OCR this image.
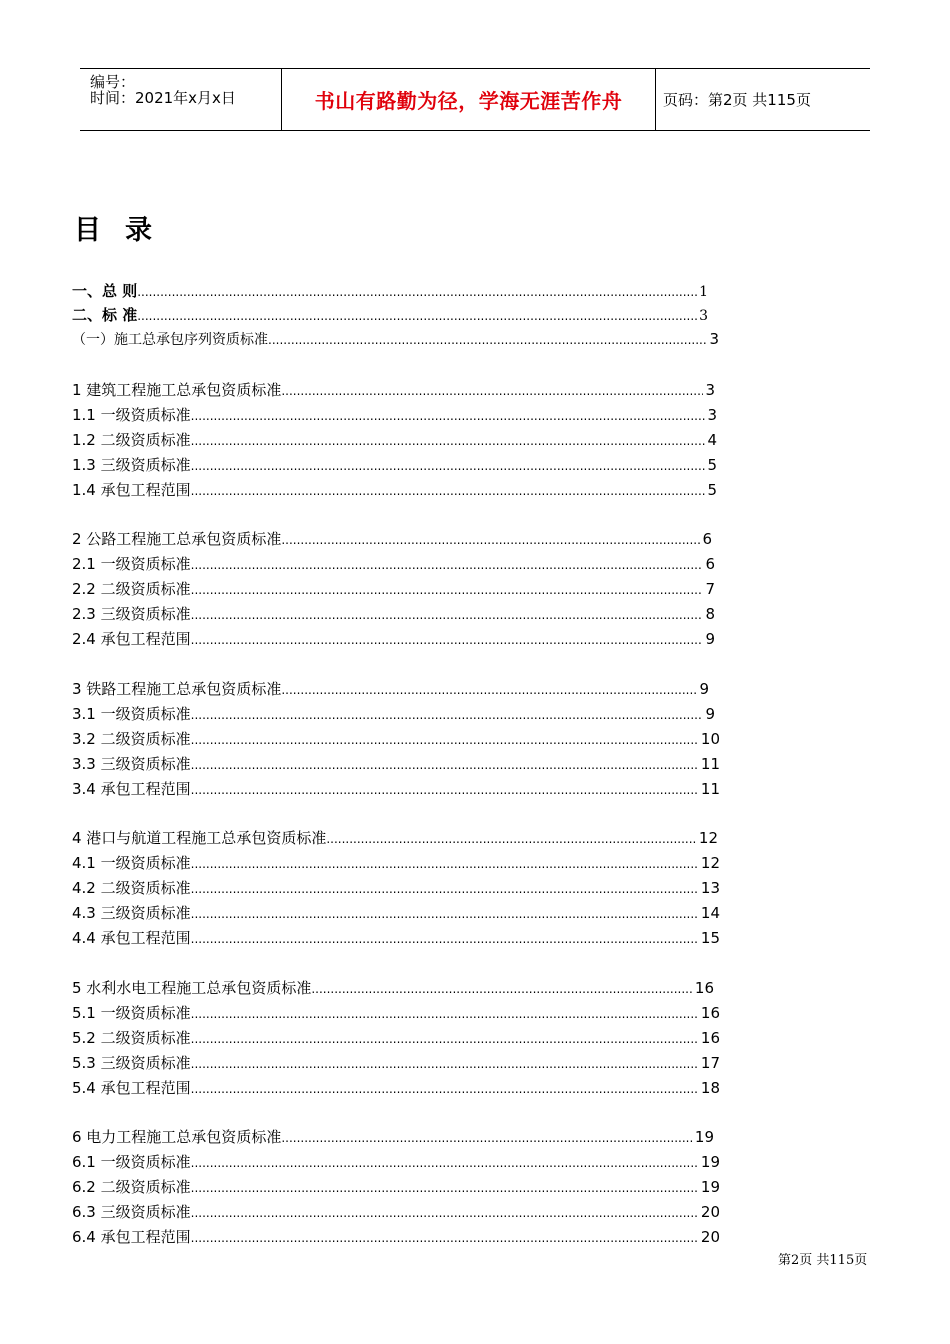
编号：
时间：2021年x月x日	书山有路勤为径，学海无涯苦作舟	页码：第2页 共115页
目 录
一、总 则 .....	1
二、标 准 .....	3
（一）施工总承包序列资质标准 .....	3
1 建筑工程施工总承包资质标准 .....	3
1.1 一级资质标准 .....	3
1.2 二级资质标准 .....	4
1.3 三级资质标准 .....	5
1.4 承包工程范围 .....	5
2 公路工程施工总承包资质标准 .....	6
2.1 一级资质标准 .....	6
2.2 二级资质标准 .....	7
2.3 三级资质标准 .....	8
2.4 承包工程范围 .....	9
3 铁路工程施工总承包资质标准 .....	9
3.1 一级资质标准 .....	9
3.2 二级资质标准 .....	10
3.3 三级资质标准 .....	11
3.4 承包工程范围 .....	11
4 港口与航道工程施工总承包资质标准 .....	12
4.1 一级资质标准 .....	12
4.2 二级资质标准 .....	13
4.3 三级资质标准 .....	14
4.4 承包工程范围 .....	15
5 水利水电工程施工总承包资质标准 .....	16
5.1 一级资质标准 .....	16
5.2 二级资质标准 .....	16
5.3 三级资质标准 .....	17
5.4 承包工程范围 .....	18
6 电力工程施工总承包资质标准 .....	19
6.1 一级资质标准 .....	19
6.2 二级资质标准 .....	19
6.3 三级资质标准 .....	20
6.4 承包工程范围 .....	20
第2页 共115页
